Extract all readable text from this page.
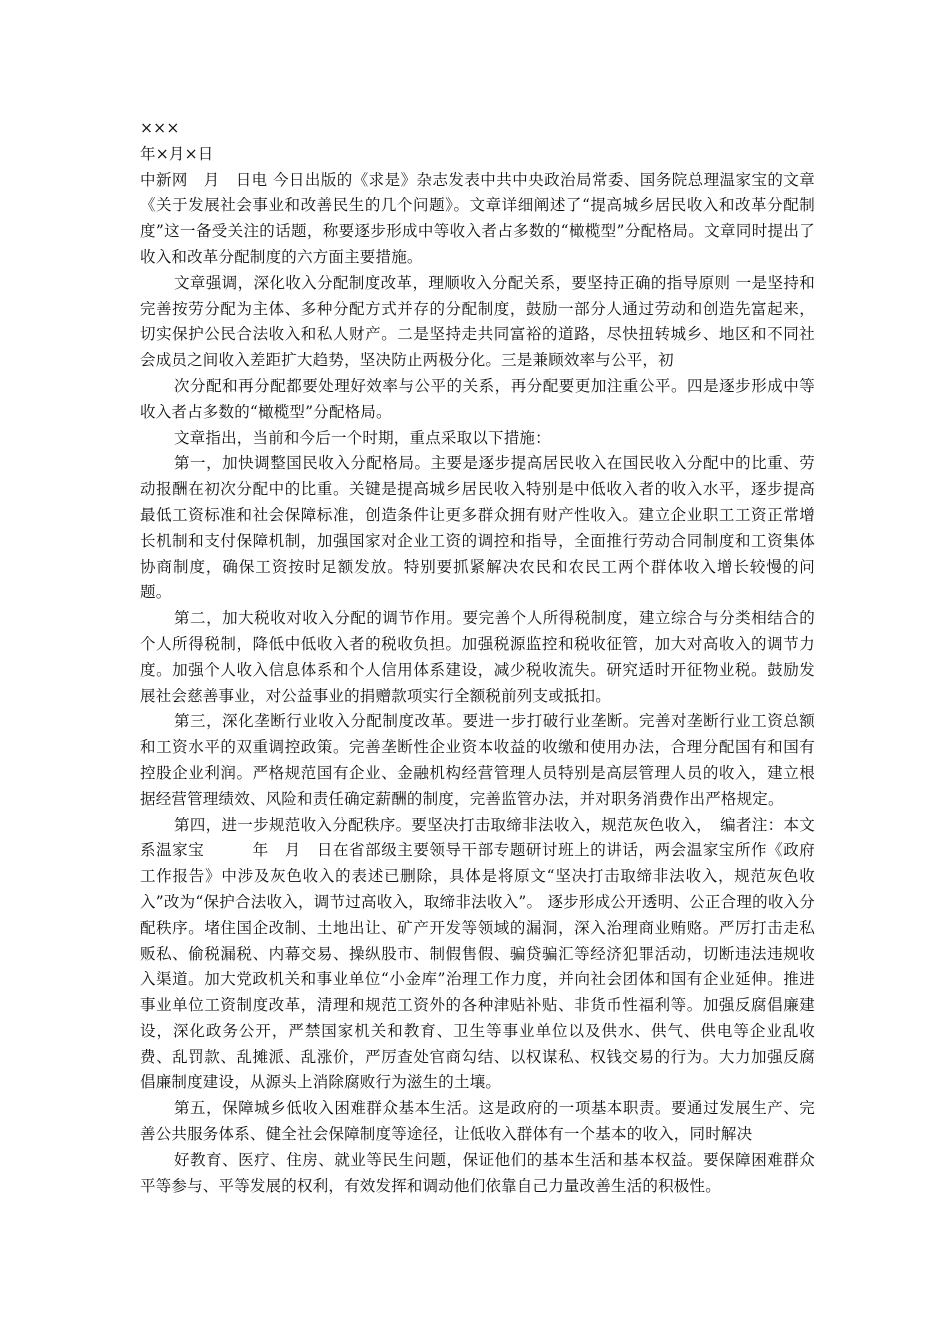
×××

年×月×日

中新网　月　日电 今日出版的《求是》杂志发表中共中央政治局常委、国务院总理温家宝的文章《关于发展社会事业和改善民生的几个问题》。文章详细阐述了“提高城乡居民收入和改革分配制度”这一备受关注的话题，称要逐步形成中等收入者占多数的“橄榄型”分配格局。文章同时提出了收入和改革分配制度的六方面主要措施。

文章强调，深化收入分配制度改革，理顺收入分配关系，要坚持正确的指导原则 一是坚持和完善按劳分配为主体、多种分配方式并存的分配制度，鼓励一部分人通过劳动和创造先富起来，切实保护公民合法收入和私人财产。二是坚持走共同富裕的道路，尽快扭转城乡、地区和不同社会成员之间收入差距扩大趋势，坚决防止两极分化。三是兼顾效率与公平，初

次分配和再分配都要处理好效率与公平的关系，再分配要更加注重公平。四是逐步形成中等收入者占多数的“橄榄型”分配格局。

文章指出，当前和今后一个时期，重点采取以下措施：

第一，加快调整国民收入分配格局。主要是逐步提高居民收入在国民收入分配中的比重、劳动报酬在初次分配中的比重。关键是提高城乡居民收入特别是中低收入者的收入水平，逐步提高最低工资标准和社会保障标准，创造条件让更多群众拥有财产性收入。建立企业职工工资正常增长机制和支付保障机制，加强国家对企业工资的调控和指导，全面推行劳动合同制度和工资集体协商制度，确保工资按时足额发放。特别要抓紧解决农民和农民工两个群体收入增长较慢的问题。

第二，加大税收对收入分配的调节作用。要完善个人所得税制度，建立综合与分类相结合的个人所得税制，降低中低收入者的税收负担。加强税源监控和税收征管，加大对高收入的调节力度。加强个人收入信息体系和个人信用体系建设，减少税收流失。研究适时开征物业税。鼓励发展社会慈善事业，对公益事业的捐赠款项实行全额税前列支或抵扣。

第三，深化垄断行业收入分配制度改革。要进一步打破行业垄断。完善对垄断行业工资总额和工资水平的双重调控政策。完善垄断性企业资本收益的收缴和使用办法，合理分配国有和国有控股企业利润。严格规范国有企业、金融机构经营管理人员特别是高层管理人员的收入，建立根据经营管理绩效、风险和责任确定薪酬的制度，完善监管办法，并对职务消费作出严格规定。

第四，进一步规范收入分配秩序。要坚决打击取缔非法收入，规范灰色收入，　编者注：本文系温家宝　　　年　月　日在省部级主要领导干部专题研讨班上的讲话，两会温家宝所作《政府工作报告》中涉及灰色收入的表述已删除，具体是将原文“坚决打击取缔非法收入，规范灰色收入”改为“保护合法收入，调节过高收入，取缔非法收入”。 逐步形成公开透明、公正合理的收入分配秩序。堵住国企改制、土地出让、矿产开发等领域的漏洞，深入治理商业贿赂。严厉打击走私贩私、偷税漏税、内幕交易、操纵股市、制假售假、骗贷骗汇等经济犯罪活动，切断违法违规收入渠道。加大党政机关和事业单位“小金库”治理工作力度，并向社会团体和国有企业延伸。推进事业单位工资制度改革，清理和规范工资外的各种津贴补贴、非货币性福利等。加强反腐倡廉建设，深化政务公开，严禁国家机关和教育、卫生等事业单位以及供水、供气、供电等企业乱收费、乱罚款、乱摊派、乱涨价，严厉查处官商勾结、以权谋私、权钱交易的行为。大力加强反腐倡廉制度建设，从源头上消除腐败行为滋生的土壤。

第五，保障城乡低收入困难群众基本生活。这是政府的一项基本职责。要通过发展生产、完善公共服务体系、健全社会保障制度等途径，让低收入群体有一个基本的收入，同时解决

好教育、医疗、住房、就业等民生问题，保证他们的基本生活和基本权益。要保障困难群众平等参与、平等发展的权利，有效发挥和调动他们依靠自己力量改善生活的积极性。
